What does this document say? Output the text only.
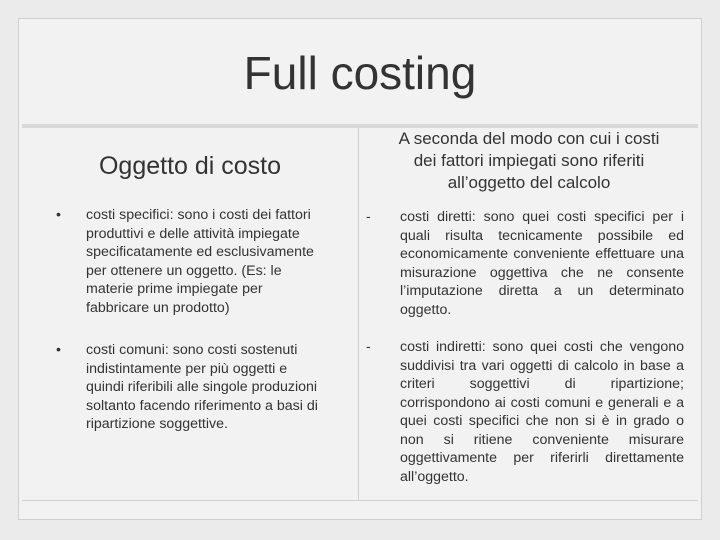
Full costing
Oggetto di costo
A seconda del modo con cui i costi dei fattori impiegati sono riferiti all’oggetto del calcolo
• costi specifici: sono i costi dei fattori produttivi e delle attività impiegate specificatamente ed esclusivamente per ottenere un oggetto. (Es: le materie prime impiegate per fabbricare un prodotto)
• costi comuni: sono costi sostenuti indistintamente per più oggetti e quindi riferibili alle singole produzioni soltanto facendo riferimento a basi di ripartizione soggettive.
- costi diretti: sono quei costi specifici per i quali risulta tecnicamente possibile ed economicamente conveniente effettuare una misurazione oggettiva che ne consente l’imputazione diretta a un determinato oggetto.
- costi indiretti: sono quei costi che vengono suddivisi tra vari oggetti di calcolo in base a criteri soggettivi di ripartizione; corrispondono ai costi comuni e generali e a quei costi specifici che non si è in grado o non si ritiene conveniente misurare oggettivamente per riferirli direttamente all’oggetto.
